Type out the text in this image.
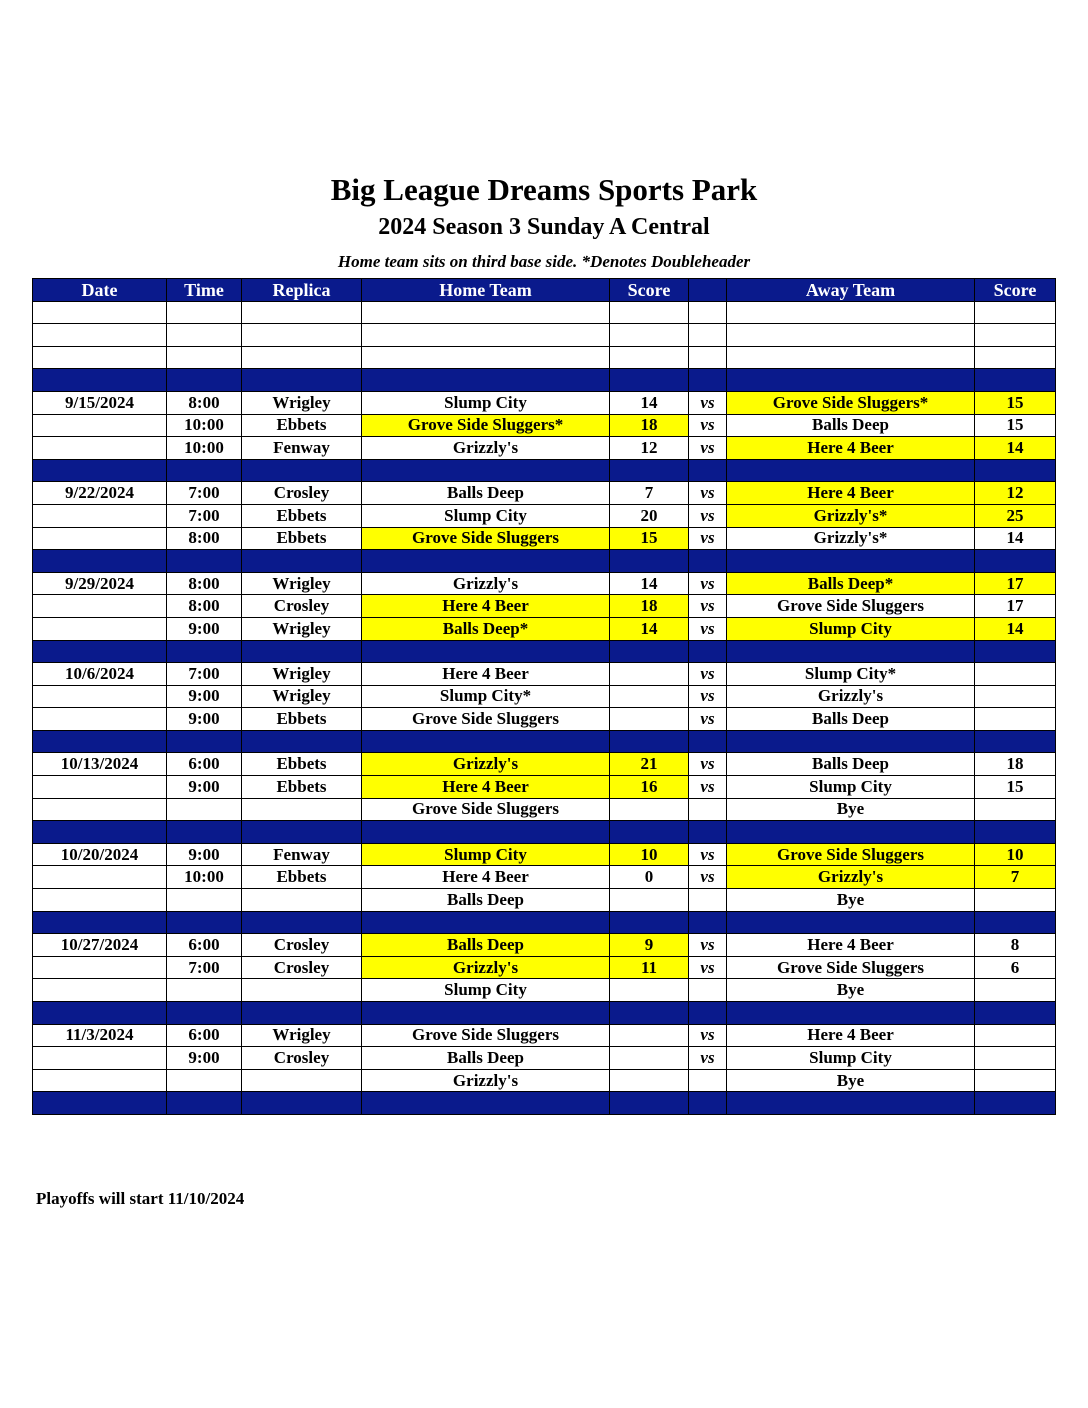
Big League Dreams Sports Park
2024 Season 3 Sunday A Central
Home team sits on third base side. *Denotes Doubleheader
Date	Time	Replica	Home Team	Score		Away Team	Score

9/15/2024	8:00	Wrigley	Slump City	14	vs	Grove Side Sluggers*	15
	10:00	Ebbets	Grove Side Sluggers*	18	vs	Balls Deep	15
	10:00	Fenway	Grizzly's	12	vs	Here 4 Beer	14

9/22/2024	7:00	Crosley	Balls Deep	7	vs	Here 4 Beer	12
	7:00	Ebbets	Slump City	20	vs	Grizzly's*	25
	8:00	Ebbets	Grove Side Sluggers	15	vs	Grizzly's*	14

9/29/2024	8:00	Wrigley	Grizzly's	14	vs	Balls Deep*	17
	8:00	Crosley	Here 4 Beer	18	vs	Grove Side Sluggers	17
	9:00	Wrigley	Balls Deep*	14	vs	Slump City	14

10/6/2024	7:00	Wrigley	Here 4 Beer		vs	Slump City*	
	9:00	Wrigley	Slump City*		vs	Grizzly's	
	9:00	Ebbets	Grove Side Sluggers		vs	Balls Deep	

10/13/2024	6:00	Ebbets	Grizzly's	21	vs	Balls Deep	18
	9:00	Ebbets	Here 4 Beer	16	vs	Slump City	15
			Grove Side Sluggers			Bye	

10/20/2024	9:00	Fenway	Slump City	10	vs	Grove Side Sluggers	10
	10:00	Ebbets	Here 4 Beer	0	vs	Grizzly's	7
			Balls Deep			Bye	

10/27/2024	6:00	Crosley	Balls Deep	9	vs	Here 4 Beer	8
	7:00	Crosley	Grizzly's	11	vs	Grove Side Sluggers	6
			Slump City			Bye	

11/3/2024	6:00	Wrigley	Grove Side Sluggers		vs	Here 4 Beer	
	9:00	Crosley	Balls Deep		vs	Slump City	
			Grizzly's			Bye	

Playoffs will start 11/10/2024
